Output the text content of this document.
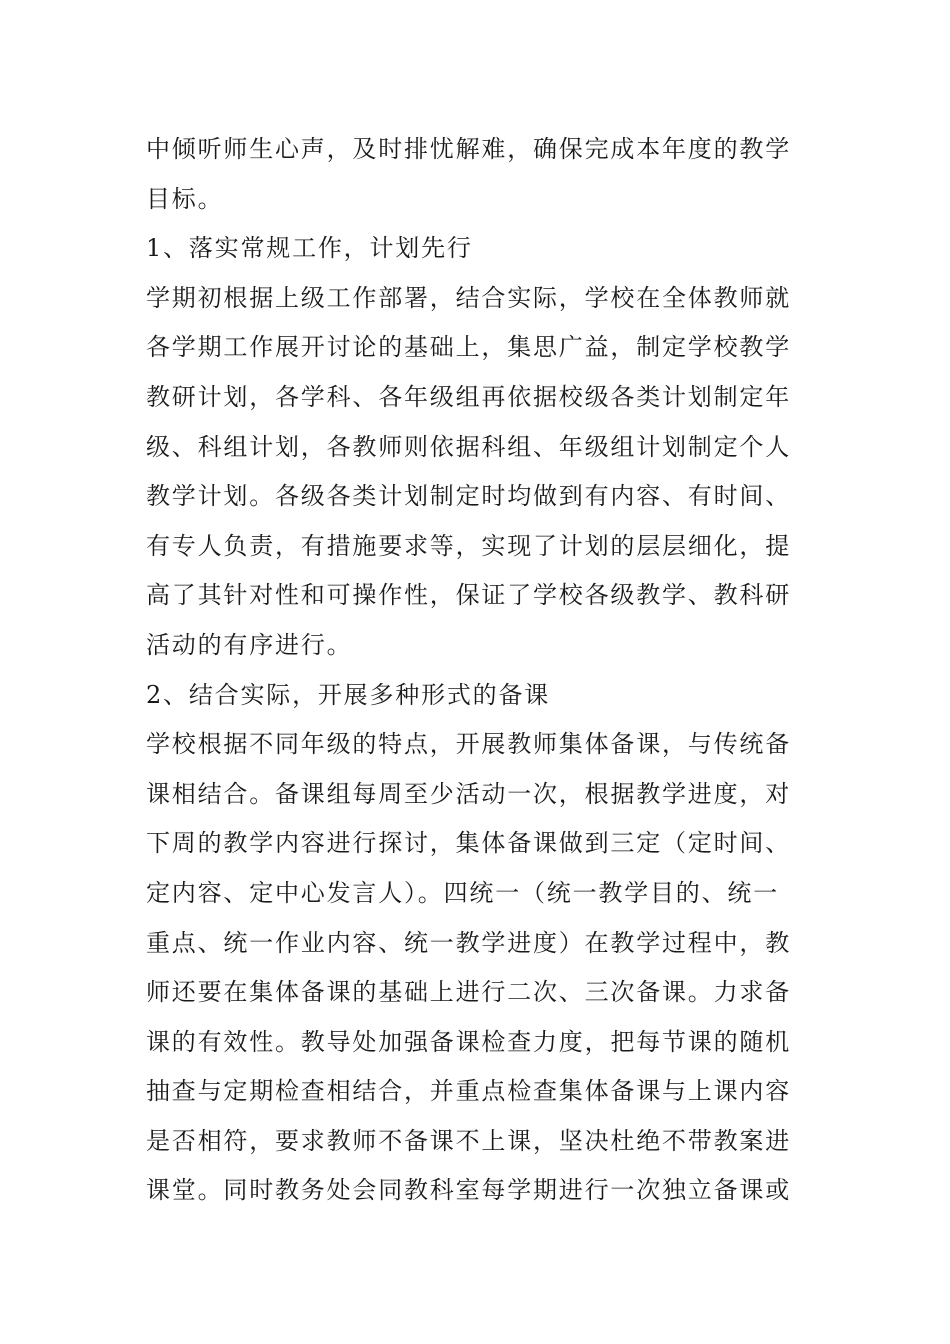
中倾听师生心声，及时排忧解难，确保完成本年度的教学
目标。
1、落实常规工作，计划先行
学期初根据上级工作部署，结合实际，学校在全体教师就
各学期工作展开讨论的基础上，集思广益，制定学校教学
教研计划，各学科、各年级组再依据校级各类计划制定年
级、科组计划，各教师则依据科组、年级组计划制定个人
教学计划。各级各类计划制定时均做到有内容、有时间、
有专人负责，有措施要求等，实现了计划的层层细化，提
高了其针对性和可操作性，保证了学校各级教学、教科研
活动的有序进行。
2、结合实际，开展多种形式的备课
学校根据不同年级的特点，开展教师集体备课，与传统备
课相结合。备课组每周至少活动一次，根据教学进度，对
下周的教学内容进行探讨，集体备课做到三定（定时间、
定内容、定中心发言人）。四统一（统一教学目的、统一
重点、统一作业内容、统一教学进度）在教学过程中，教
师还要在集体备课的基础上进行二次、三次备课。力求备
课的有效性。教导处加强备课检查力度，把每节课的随机
抽查与定期检查相结合，并重点检查集体备课与上课内容
是否相符，要求教师不备课不上课，坚决杜绝不带教案进
课堂。同时教务处会同教科室每学期进行一次独立备课或
